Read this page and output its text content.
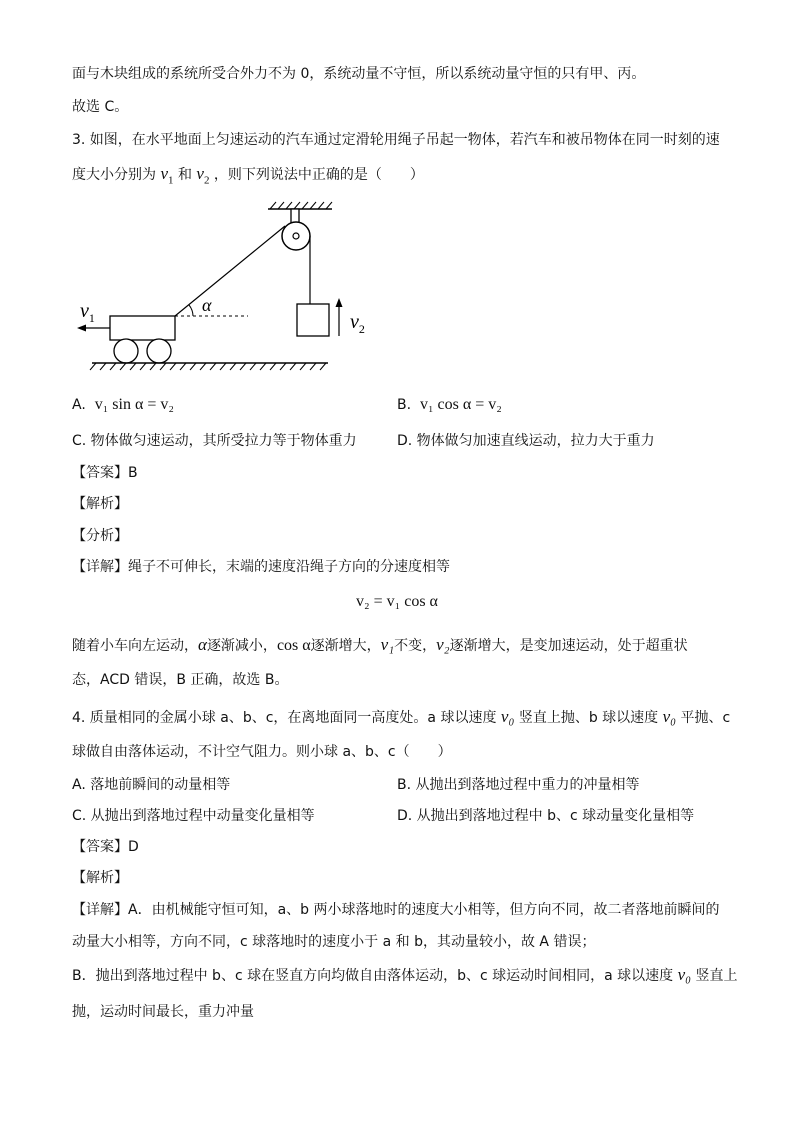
面与木块组成的系统所受合外力不为 0，系统动量不守恒，所以系统动量守恒的只有甲、丙。
故选 C。
3. 如图，在水平地面上匀速运动的汽车通过定滑轮用绳子吊起一物体，若汽车和被吊物体在同一时刻的速
度大小分别为 $v_1$ 和 $v_2$ ，则下列说法中正确的是（　　）
$v_2$
α
$v_1$
A. v₁ sin α = v₂	B. v₁ cos α = v₂
C. 物体做匀速运动，其所受拉力等于物体重力	D. 物体做匀加速直线运动，拉力大于重力
【答案】B
【解析】
【分析】
【详解】绳子不可伸长，末端的速度沿绳子方向的分速度相等
v₂ = v₁ cos α
随着小车向左运动，α逐渐减小，cos α逐渐增大，v₁不变，v₂逐渐增大，是变加速运动，处于超重状
态，ACD 错误，B 正确，故选 B。
4. 质量相同的金属小球 a、b、c，在离地面同一高度处。a 球以速度 v₀ 竖直上抛、b 球以速度 v₀ 平抛、c
球做自由落体运动，不计空气阻力。则小球 a、b、c（　　）
A. 落地前瞬间的动量相等	B. 从抛出到落地过程中重力的冲量相等
C. 从抛出到落地过程中动量变化量相等	D. 从抛出到落地过程中 b、c 球动量变化量相等
【答案】D
【解析】
【详解】A．由机械能守恒可知，a、b 两小球落地时的速度大小相等，但方向不同，故二者落地前瞬间的
动量大小相等，方向不同，c 球落地时的速度小于 a 和 b，其动量较小，故 A 错误；
B．抛出到落地过程中 b、c 球在竖直方向均做自由落体运动，b、c 球运动时间相同，a 球以速度 v₀ 竖直上
抛，运动时间最长，重力冲量
